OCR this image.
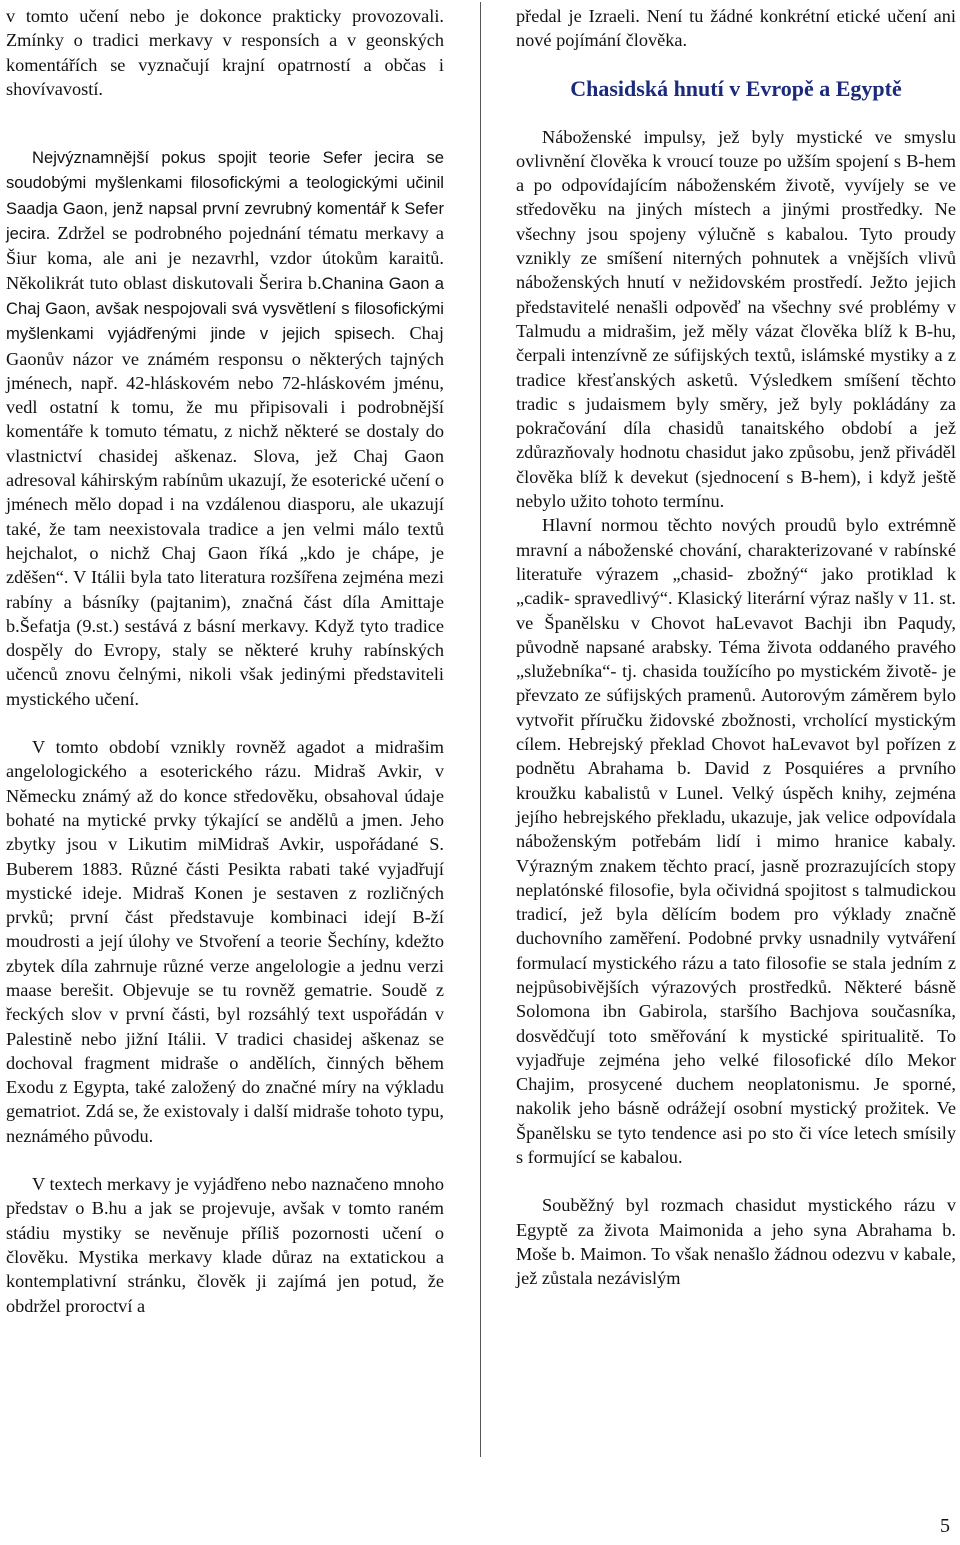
v tomto učení nebo je dokonce prakticky provozovali. Zmínky o tradici merkavy v responsích a v geonských komentářích se vyznačují krajní opatrností a občas i shovívavostí.

Nejvýznamnější pokus spojit teorie Sefer jecira se soudobými myšlenkami filosofickými a teologickými učinil Saadja Gaon, jenž napsal první zevrubný komentář k Sefer jecira. Zdržel se podrobného pojednání tématu merkavy a Šiur koma, ale ani je nezavrhl, vzdor útokům karaitů. Několikrát tuto oblast diskutovali Šerira b.Chanina Gaon a Chaj Gaon, avšak nespojovali svá vysvětlení s filosofickými myšlenkami vyjádřenými jinde v jejich spisech. Chaj Gaonův názor ve známém responsu o některých tajných jménech, např. 42-hláskovém nebo 72-hláskovém jménu, vedl ostatní k tomu, že mu připisovali i podrobnější komentáře k tomuto tématu, z nichž některé se dostaly do vlastnictví chasidej aškenaz. Slova, jež Chaj Gaon adresoval káhirským rabínům ukazují, že esoterické učení o jménech mělo dopad i na vzdálenou diasporu, ale ukazují také, že tam neexistovala tradice a jen velmi málo textů hejchalot, o nichž Chaj Gaon říká „kdo je chápe, je zděšen“. V Itálii byla tato literatura rozšířena zejména mezi rabíny a básníky (pajtanim), značná část díla Amittaje b.Šefatja (9.st.) sestává z básní merkavy. Když tyto tradice dospěly do Evropy, staly se některé kruhy rabínských učenců znovu čelnými, nikoli však jedinými představiteli mystického učení.

V tomto období vznikly rovněž agadot a midrašim angelologického a esoterického rázu. Midraš Avkir, v Německu známý až do konce středověku, obsahoval údaje bohaté na mytické prvky týkající se andělů a jmen. Jeho zbytky jsou v Likutim miMidraš Avkir, uspořádané S. Buberem 1883. Různé části Pesikta rabati také vyjadřují mystické ideje. Midraš Konen je sestaven z rozličných prvků; první část představuje kombinaci idejí B-ží moudrosti a její úlohy ve Stvoření a teorie Šechíny, kdežto zbytek díla zahrnuje různé verze angelologie a jednu verzi maase berešit. Objevuje se tu rovněž gematrie. Soudě z řeckých slov v první části, byl rozsáhlý text uspořádán v Palestině nebo jižní Itálii. V tradici chasidej aškenaz se dochoval fragment midraše o andělích, činných během Exodu z Egypta, také založený do značné míry na výkladu gematriot. Zdá se, že existovaly i další midraše tohoto typu, neznámého původu.

V textech merkavy je vyjádřeno nebo naznačeno mnoho představ o B.hu a jak se projevuje, avšak v tomto raném stádiu mystiky se nevěnuje příliš pozornosti učení o člověku. Mystika merkavy klade důraz na extatickou a kontemplativní stránku, člověk ji zajímá jen potud, že obdržel proroctví a

předal je Izraeli. Není tu žádné konkrétní etické učení ani nové pojímání člověka.

Chasidská hnutí v Evropě a Egyptě

Náboženské impulsy, jež byly mystické ve smyslu ovlivnění člověka k vroucí touze po užším spojení s B-hem a po odpovídajícím náboženském životě, vyvíjely se ve středověku na jiných místech a jinými prostředky. Ne všechny jsou spojeny výlučně s kabalou. Tyto proudy vznikly ze smíšení niterných pohnutek a vnějších vlivů náboženských hnutí v nežidovském prostředí. Ježto jejich představitelé nenašli odpověď na všechny své problémy v Talmudu a midrašim, jež měly vázat člověka blíž k B-hu, čerpali intenzívně ze súfijských textů, islámské mystiky a z tradice křesťanských asketů. Výsledkem smíšení těchto tradic s judaismem byly směry, jež byly pokládány za pokračování díla chasidů tanaitského období a jež zdůrazňovaly hodnotu chasidut jako způsobu, jenž přiváděl člověka blíž k devekut (sjednocení s B-hem), i když ještě nebylo užito tohoto termínu.

Hlavní normou těchto nových proudů bylo extrémně mravní a náboženské chování, charakterizované v rabínské literatuře výrazem „chasid- zbožný“ jako protiklad k „cadik- spravedlivý“. Klasický literární výraz našly v 11. st. ve Španělsku v Chovot haLevavot Bachji ibn Paqudy, původně napsané arabsky. Téma života oddaného pravého „služebníka“- tj. chasida toužícího po mystickém životě- je převzato ze súfijských pramenů. Autorovým záměrem bylo vytvořit příručku židovské zbožnosti, vrcholící mystickým cílem. Hebrejský překlad Chovot haLevavot byl pořízen z podnětu Abrahama b. David z Posquiéres a prvního kroužku kabalistů v Lunel. Velký úspěch knihy, zejména jejího hebrejského překladu, ukazuje, jak velice odpovídala náboženským potřebám lidí i mimo hranice kabaly. Výrazným znakem těchto prací, jasně prozrazujících stopy neplatónské filosofie, byla očividná spojitost s talmudickou tradicí, jež byla dělícím bodem pro výklady značně duchovního zaměření. Podobné prvky usnadnily vytváření formulací mystického rázu a tato filosofie se stala jedním z nejpůsobivějších výrazových prostředků. Některé básně Solomona ibn Gabirola, staršího Bachjova současníka, dosvědčují toto směřování k mystické spiritualitě. To vyjadřuje zejména jeho velké filosofické dílo Mekor Chajim, prosycené duchem neoplatonismu. Je sporné, nakolik jeho básně odrážejí osobní mystický prožitek. Ve Španělsku se tyto tendence asi po sto či více letech smísily s formující se kabalou.

Souběžný byl rozmach chasidut mystického rázu v Egyptě za života Maimonida a jeho syna Abrahama b. Moše b. Maimon. To však nenašlo žádnou odezvu v kabale, jež zůstala nezávislým

5
